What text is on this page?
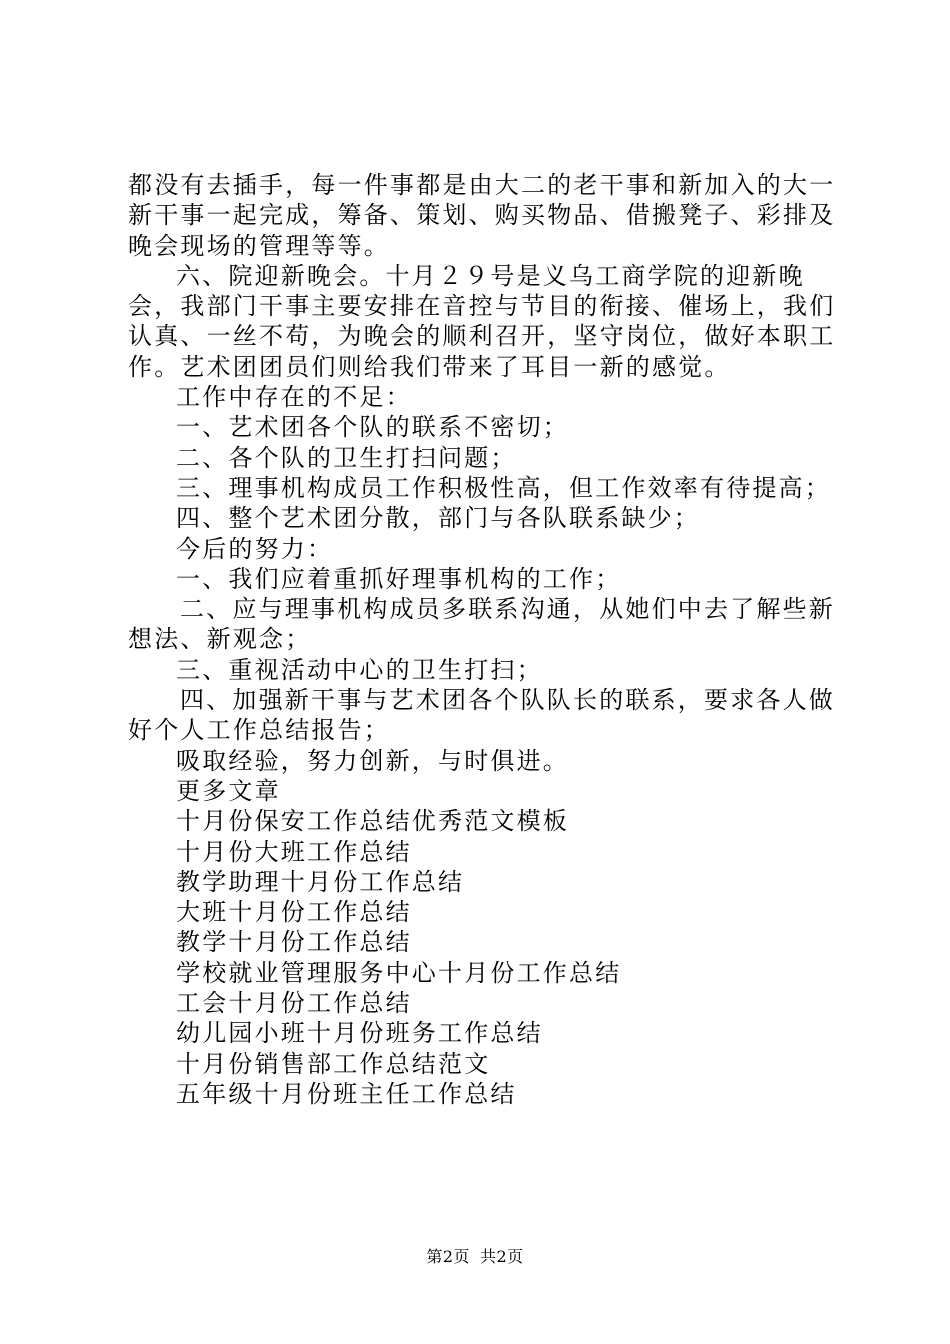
都没有去插手，每一件事都是由大二的老干事和新加入的大一新干事一起完成，筹备、策划、购买物品、借搬凳子、彩排及晚会现场的管理等等。

六、院迎新晚会。十月２９号是义乌工商学院的迎新晚会，我部门干事主要安排在音控与节目的衔接、催场上，我们认真、一丝不苟，为晚会的顺利召开，坚守岗位，做好本职工作。艺术团团员们则给我们带来了耳目一新的感觉。

工作中存在的不足：

一、艺术团各个队的联系不密切；

二、各个队的卫生打扫问题；

三、理事机构成员工作积极性高，但工作效率有待提高；

四、整个艺术团分散，部门与各队联系缺少；

今后的努力：

一、我们应着重抓好理事机构的工作；

二、应与理事机构成员多联系沟通，从她们中去了解些新想法、新观念；

三、重视活动中心的卫生打扫；

四、加强新干事与艺术团各个队队长的联系，要求各人做好个人工作总结报告；

吸取经验，努力创新，与时俱进。

更多文章

十月份保安工作总结优秀范文模板

十月份大班工作总结

教学助理十月份工作总结

大班十月份工作总结

教学十月份工作总结

学校就业管理服务中心十月份工作总结

工会十月份工作总结

幼儿园小班十月份班务工作总结

十月份销售部工作总结范文

五年级十月份班主任工作总结

第2页 共2页
